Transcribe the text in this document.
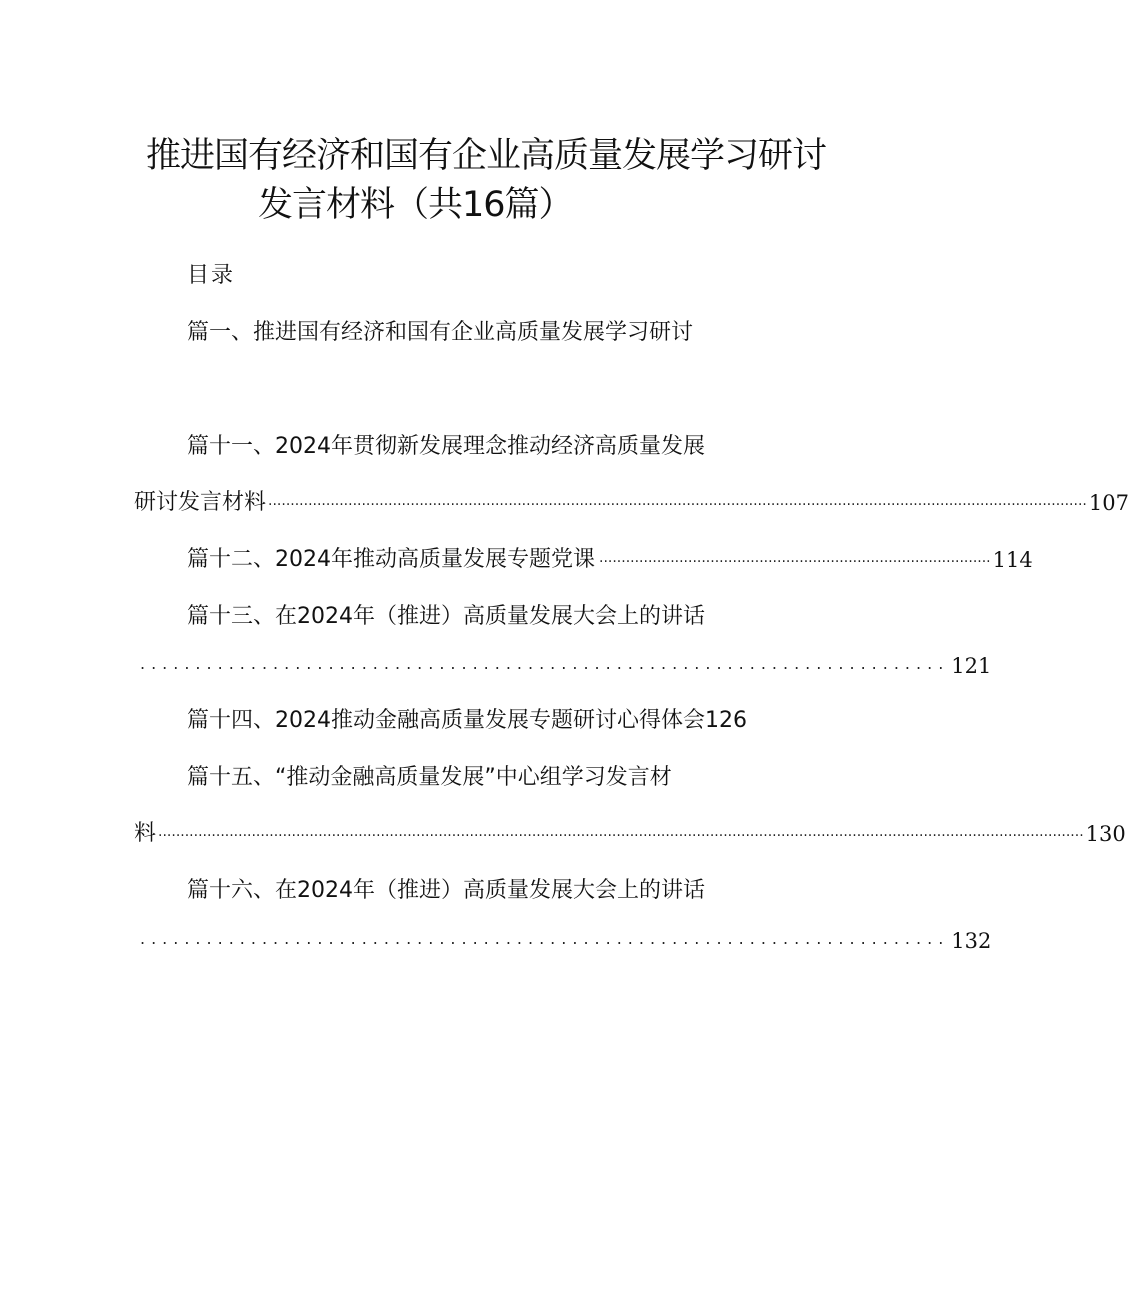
推进国有经济和国有企业高质量发展学习研讨
发言材料（共16篇）
目录
篇一、推进国有经济和国有企业高质量发展学习研讨
篇十一、2024年贯彻新发展理念推动经济高质量发展
研讨发言材料 ........................................................................................................................................................................................ 107
篇十二、2024年推动高质量发展专题党课 ........................................................................................ 114
篇十三、在2024年（推进）高质量发展大会上的讲话
......................................................................... 121
篇十四、2024推动金融高质量发展专题研讨心得体会126
篇十五、“推动金融高质量发展”中心组学习发言材
料 ................................................................................................................................................................................................................ 130
篇十六、在2024年（推进）高质量发展大会上的讲话
......................................................................... 132
